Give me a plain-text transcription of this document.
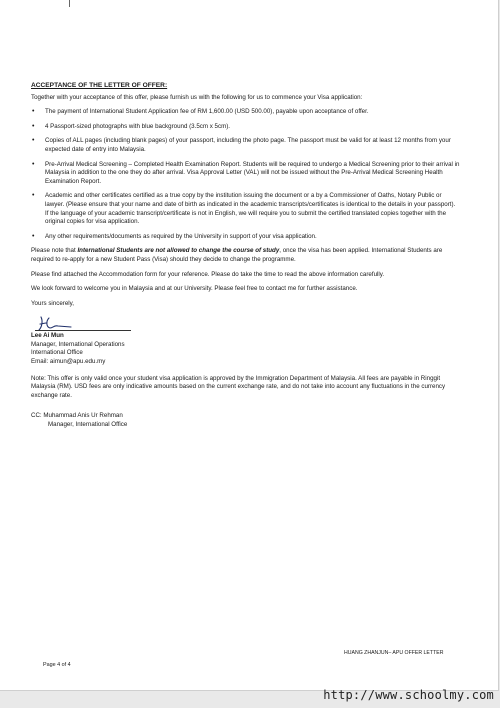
ACCEPTANCE OF THE LETTER OF OFFER:
Together with your acceptance of this offer, please furnish us with the following for us to commence your Visa application:
• The payment of International Student Application fee of RM 1,600.00 (USD 500.00), payable upon acceptance of offer.
• 4 Passport-sized photographs with blue background (3.5cm x 5cm).
• Copies of ALL pages (including blank pages) of your passport, including the photo page. The passport must be valid for at least 12 months from your expected date of entry into Malaysia.
• Pre-Arrival Medical Screening – Completed Health Examination Report. Students will be required to undergo a Medical Screening prior to their arrival in Malaysia in addition to the one they do after arrival. Visa Approval Letter (VAL) will not be issued without the Pre-Arrival Medical Screening Health Examination Report.
• Academic and other certificates certified as a true copy by the institution issuing the document or a by a Commissioner of Oaths, Notary Public or lawyer. (Please ensure that your name and date of birth as indicated in the academic transcripts/certificates is identical to the details in your passport). If the language of your academic transcript/certificate is not in English, we will require you to submit the certified translated copies together with the original copies for visa application.
• Any other requirements/documents as required by the University in support of your visa application.
Please note that International Students are not allowed to change the course of study, once the visa has been applied. International Students are required to re-apply for a new Student Pass (Visa) should they decide to change the programme.
Please find attached the Accommodation form for your reference. Please do take the time to read the above information carefully.
We look forward to welcome you in Malaysia and at our University. Please feel free to contact me for further assistance.
Yours sincerely,
Lee Ai Mun
Manager, International Operations
International Office
Email: aimun@apu.edu.my
Note: This offer is only valid once your student visa application is approved by the Immigration Department of Malaysia. All fees are payable in Ringgit Malaysia (RM). USD fees are only indicative amounts based on the current exchange rate, and do not take into account any fluctuations in the currency exchange rate.
CC: Muhammad Anis Ur Rehman
Manager, International Office
HUANG ZHANJUN– APU OFFER LETTER
Page 4 of 4
http://www.schoolmy.com
